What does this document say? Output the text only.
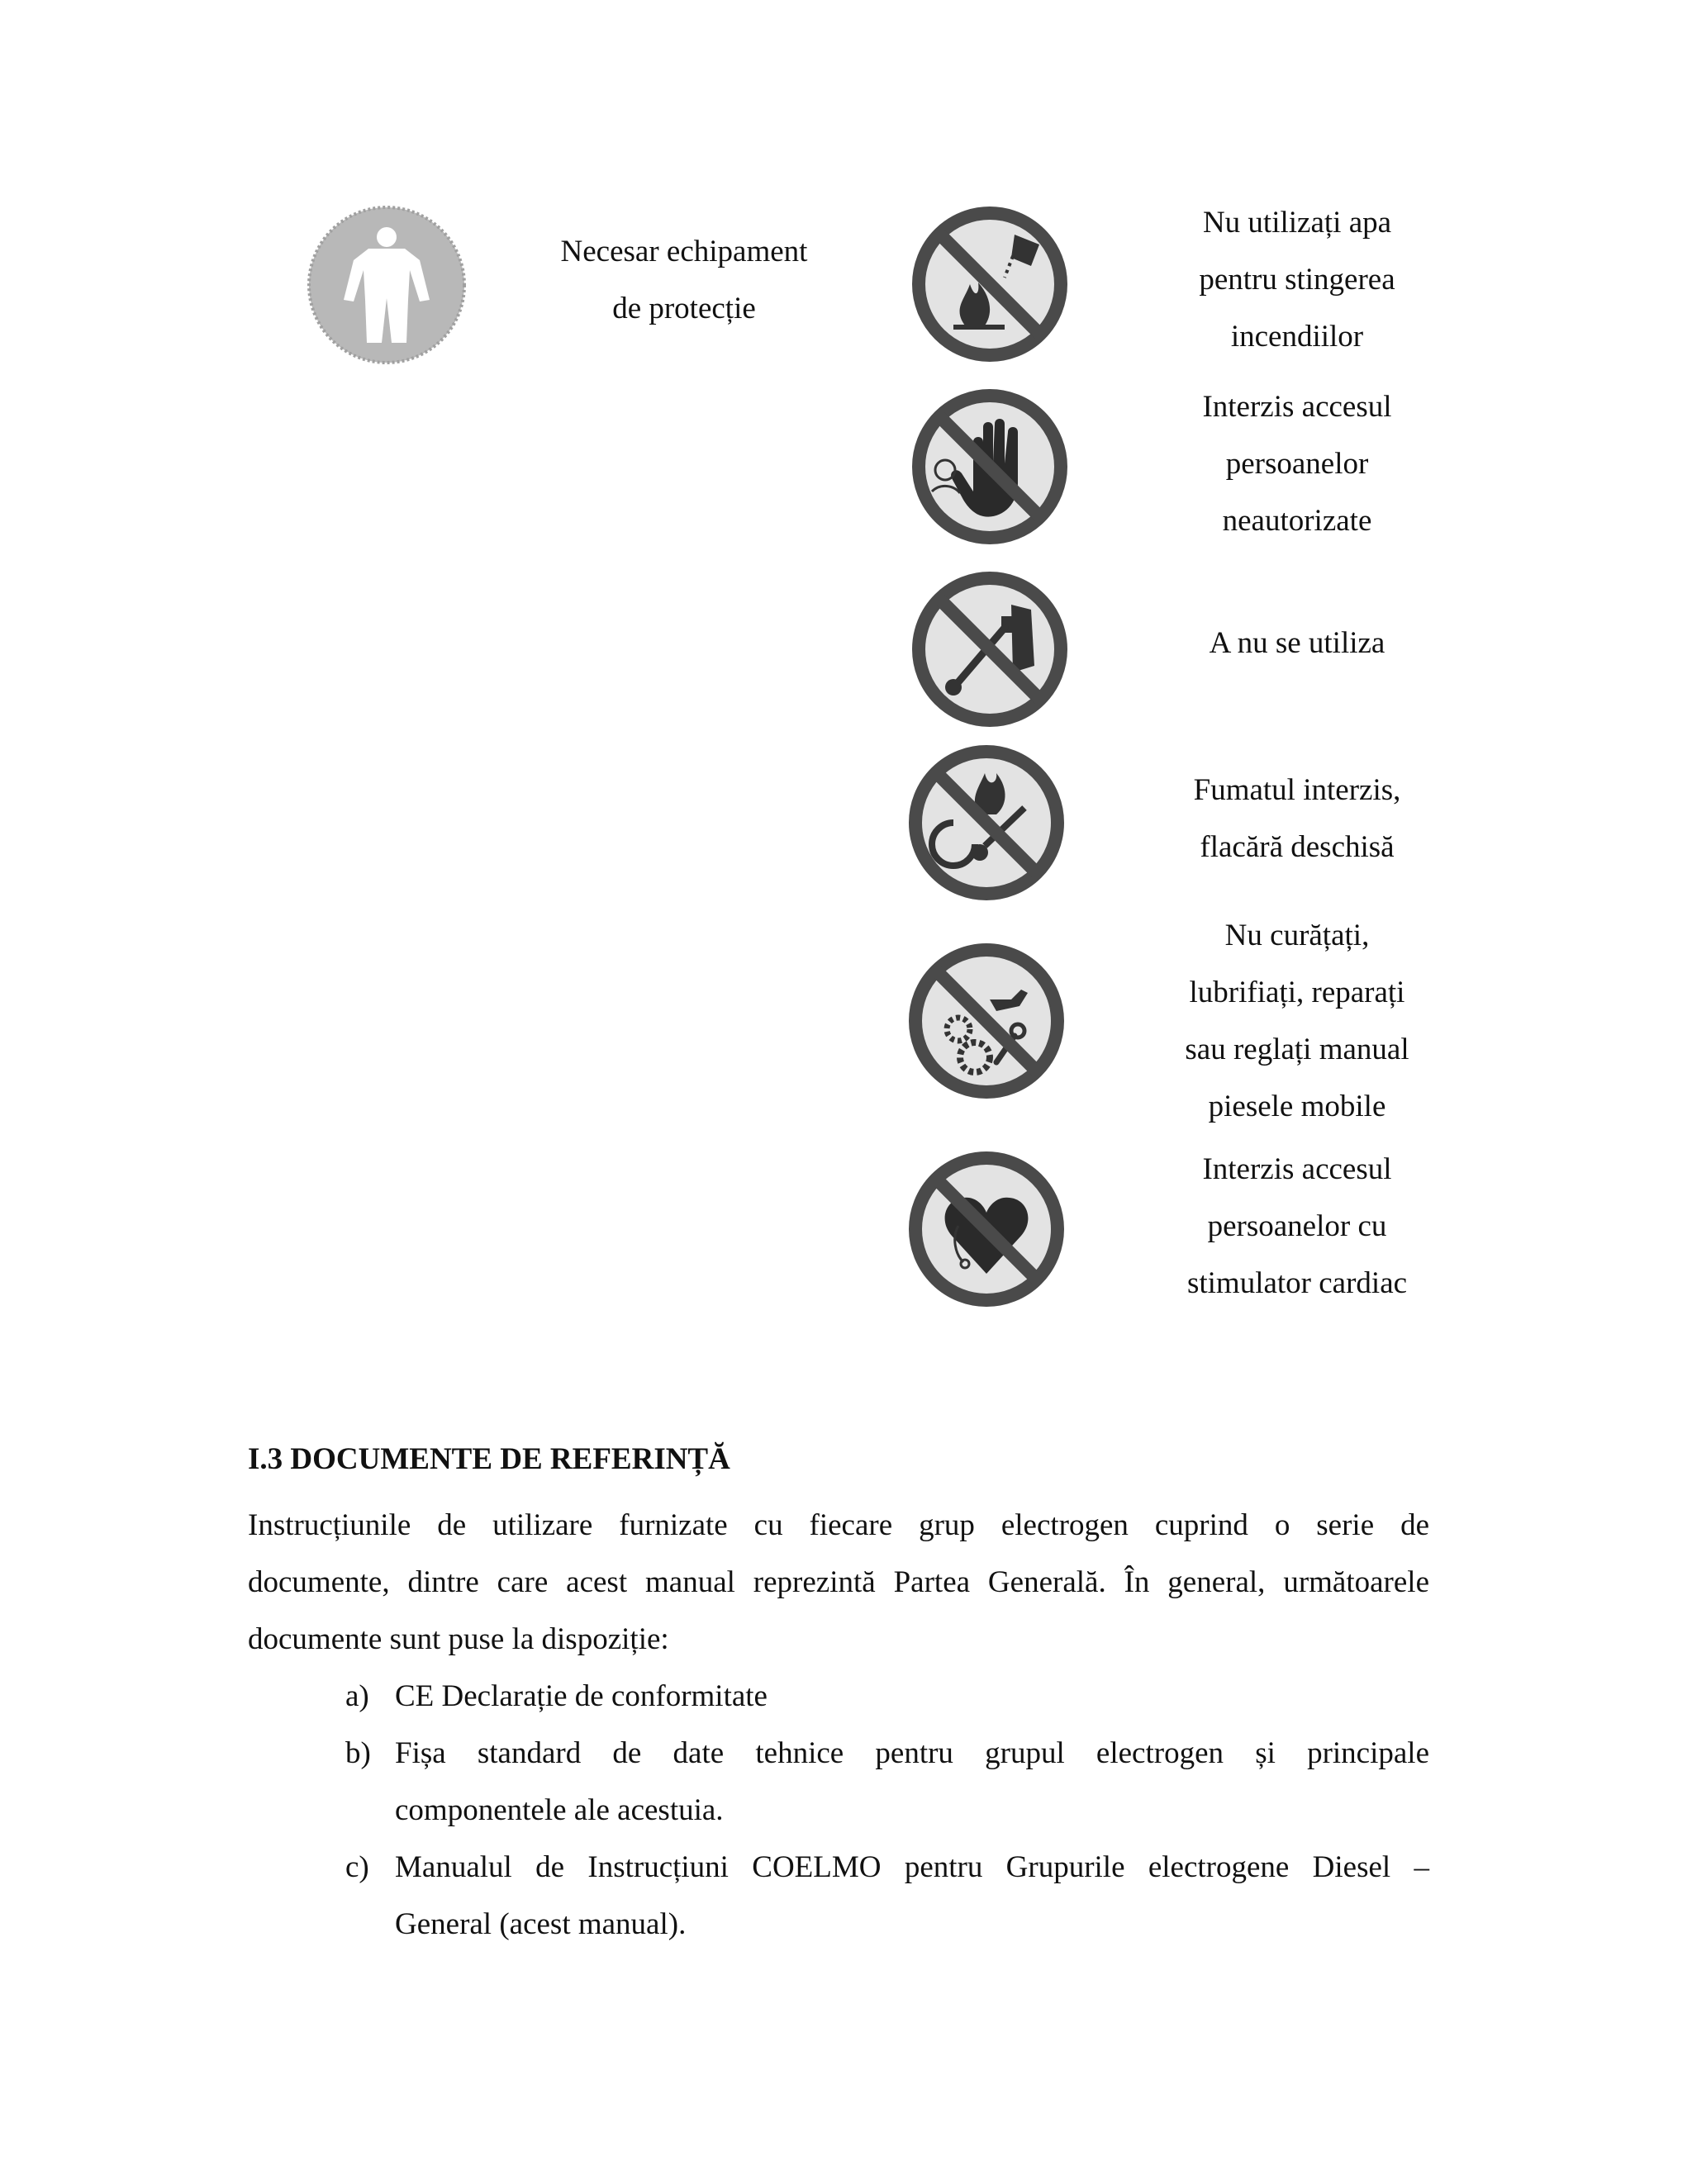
Necesar echipament
de protecție
Nu utilizați apa
pentru stingerea
incendiilor
Interzis accesul
persoanelor
neautorizate
A nu se utiliza
Fumatul interzis,
flacără deschisă
Nu curățați,
lubrifiați, reparați
sau reglați manual
piesele mobile
Interzis accesul
persoanelor cu
stimulator cardiac
I.3 DOCUMENTE DE REFERINȚĂ
Instrucțiunile de utilizare furnizate cu fiecare grup electrogen cuprind o serie de
documente, dintre care acest manual reprezintă Partea Generală. În general, următoarele
documente sunt puse la dispoziție:
a) CE Declarație de conformitate
b) Fișa standard de date tehnice pentru grupul electrogen și principale
componentele ale acestuia.
c) Manualul de Instrucțiuni COELMO pentru Grupurile electrogene Diesel –
General (acest manual).
